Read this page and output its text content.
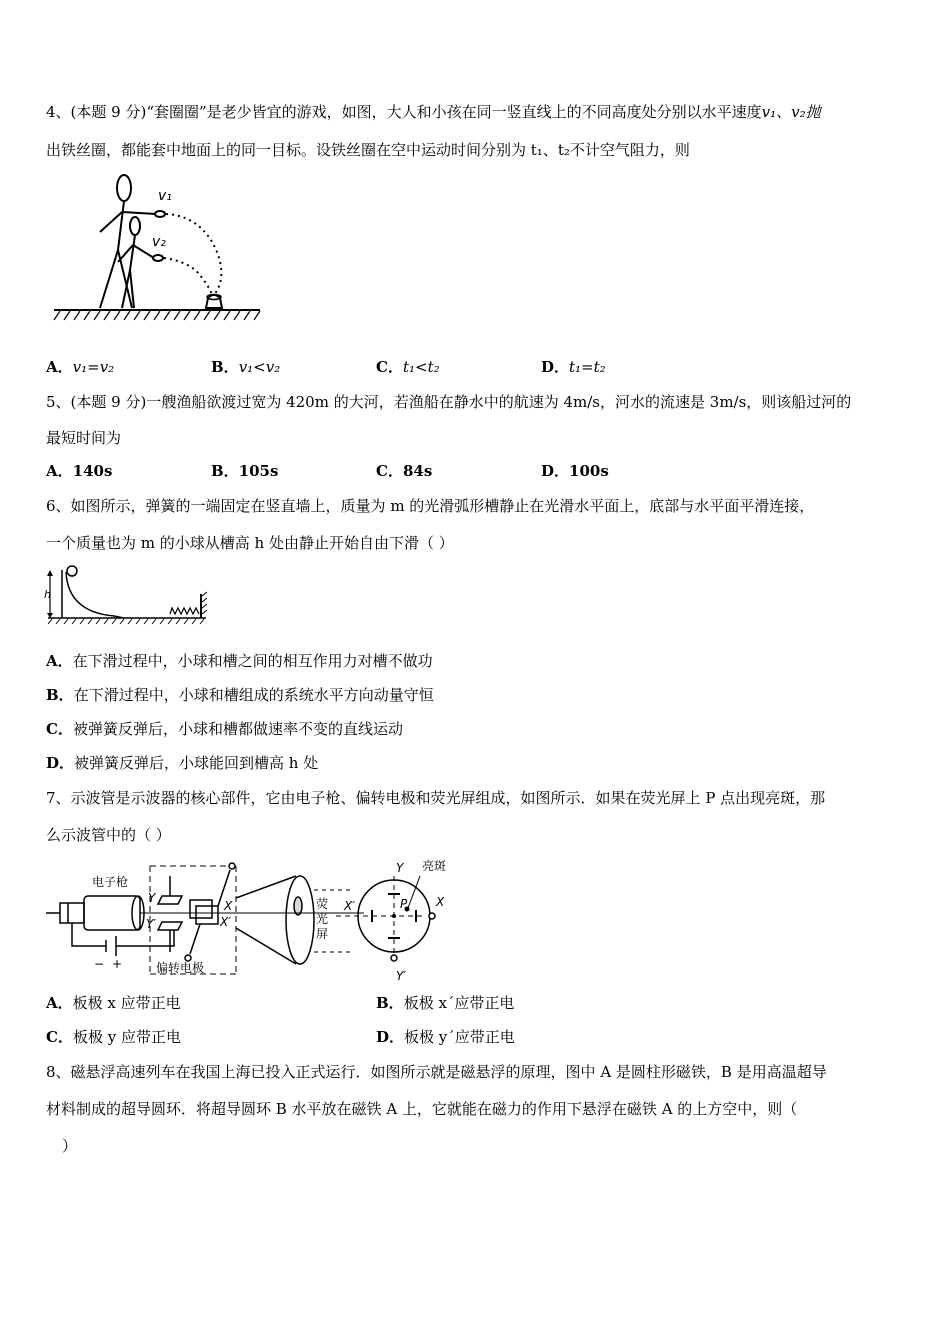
4、(本题 9 分)“套圈圈”是老少皆宜的游戏，如图，大人和小孩在同一竖直线上的不同高度处分别以水平速度v₁、v₂抛
出铁丝圈，都能套中地面上的同一目标。设铁丝圈在空中运动时间分别为 t₁、t₂不计空气阻力，则
v₁
v₂
A．v₁=v₂	B．v₁<v₂	C．t₁<t₂	D．t₁=t₂
5、(本题 9 分)一艘渔船欲渡过宽为 420m 的大河，若渔船在静水中的航速为 4m/s，河水的流速是 3m/s，则该船过河的
最短时间为
A．140s	B．105s	C．84s	D．100s
6、如图所示，弹簧的一端固定在竖直墙上，质量为 m 的光滑弧形槽静止在光滑水平面上，底部与水平面平滑连接，
一个质量也为 m 的小球从槽高 h 处由静止开始自由下滑（ ）
h
A．在下滑过程中，小球和槽之间的相互作用力对槽不做功
B．在下滑过程中，小球和槽组成的系统水平方向动量守恒
C．被弹簧反弹后，小球和槽都做速率不变的直线运动
D．被弹簧反弹后，小球能回到槽高 h 处
7、示波管是示波器的核心部件，它由电子枪、偏转电极和荧光屏组成，如图所示．如果在荧光屏上 P 点出现亮斑，那
么示波管中的（ ）
电子枪
偏转电极
− +
Y
Y′
X
X′
荧
光
屏
Y
Y′
X
X′	P
亮斑
A．板极 x 应带正电	B．板极 x´应带正电
C．板极 y 应带正电	D．板极 y´应带正电
8、磁悬浮高速列车在我国上海已投入正式运行．如图所示就是磁悬浮的原理，图中 A 是圆柱形磁铁，B 是用高温超导
材料制成的超导圆环．将超导圆环 B 水平放在磁铁 A 上，它就能在磁力的作用下悬浮在磁铁 A 的上方空中，则（
）
